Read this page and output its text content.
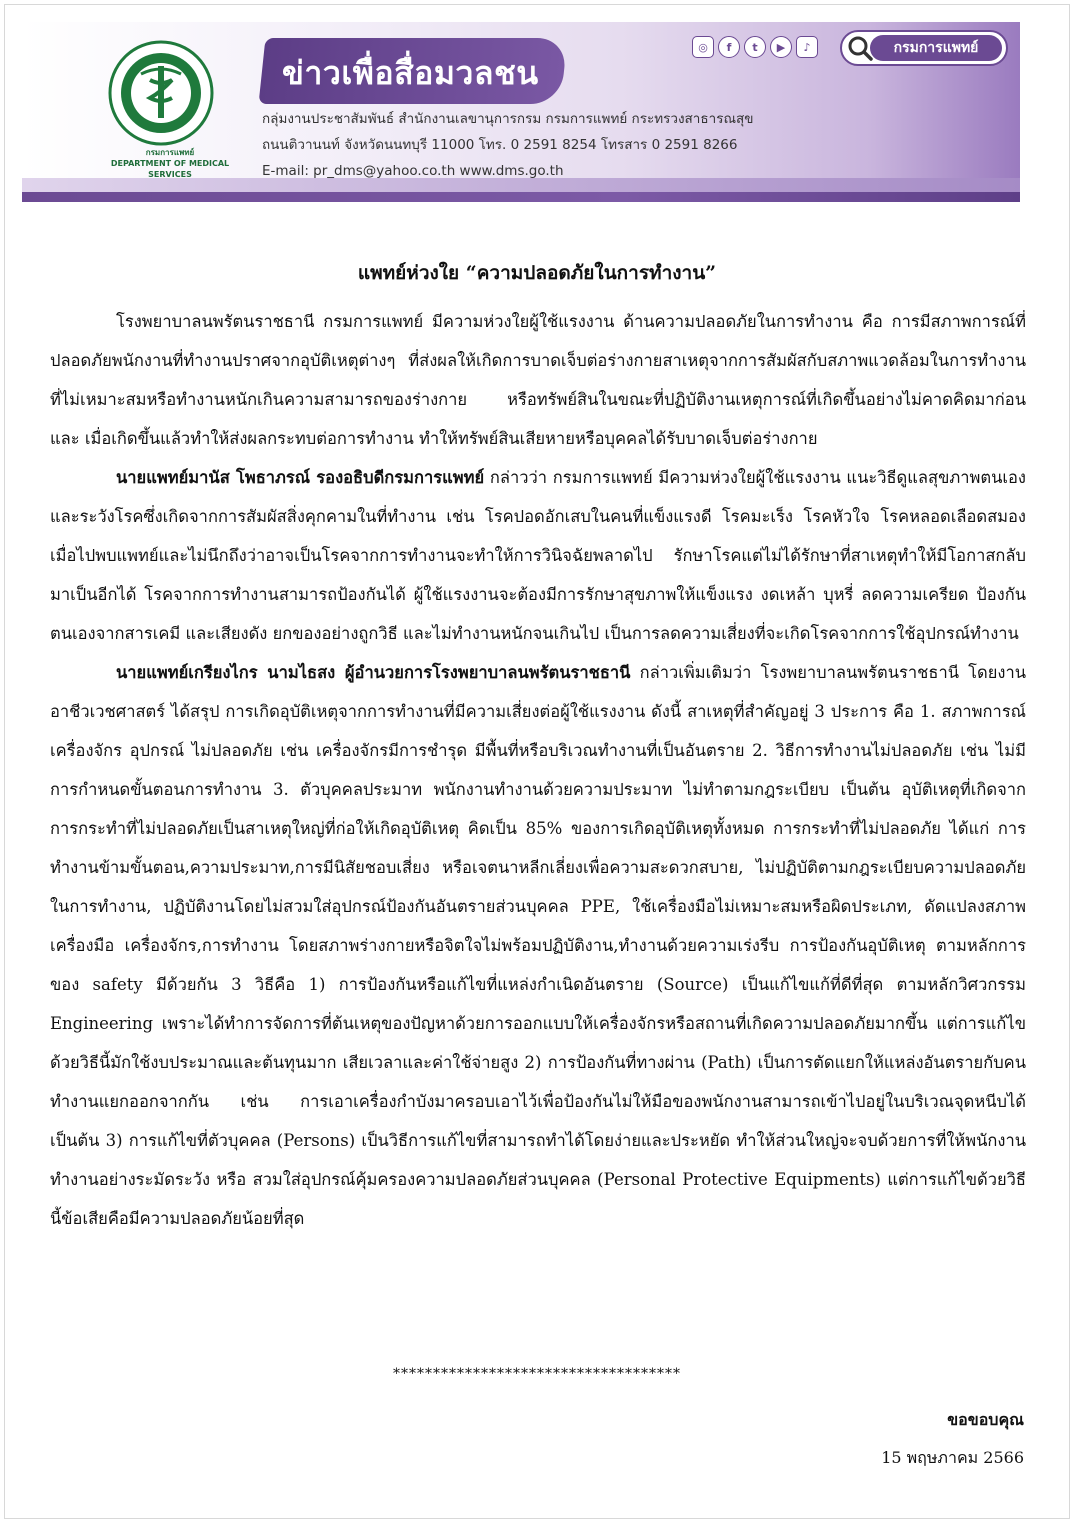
กรมการแพทย์
DEPARTMENT OF MEDICAL SERVICES
ข่าวเพื่อสื่อมวลชน
กลุ่มงานประชาสัมพันธ์ สำนักงานเลขานุการกรม กรมการแพทย์ กระทรวงสาธารณสุข
ถนนติวานนท์ จังหวัดนนทบุรี 11000 โทร. 0 2591 8254 โทรสาร 0 2591 8266
E-mail: pr_dms@yahoo.co.th www.dms.go.th
◎	f	t	▶	♪	กรมการแพทย์
แพทย์ห่วงใย “ความปลอดภัยในการทำงาน”

โรงพยาบาลนพรัตนราชธานี กรมการแพทย์ มีความห่วงใยผู้ใช้แรงงาน ด้านความปลอดภัยในการทำงาน คือ การมีสภาพการณ์ที่ปลอดภัยพนักงานที่ทำงานปราศจากอุบัติเหตุต่างๆ ที่ส่งผลให้เกิดการบาดเจ็บต่อร่างกายสาเหตุจากการสัมผัสกับสภาพแวดล้อมในการทำงานที่ไม่เหมาะสมหรือทำงานหนักเกินความสามารถของร่างกาย หรือทรัพย์สินในขณะที่ปฏิบัติงานเหตุการณ์ที่เกิดขึ้นอย่างไม่คาดคิดมาก่อน และ เมื่อเกิดขึ้นแล้วทำให้ส่งผลกระทบต่อการทำงาน ทำให้ทรัพย์สินเสียหายหรือบุคคลได้รับบาดเจ็บต่อร่างกาย

นายแพทย์มานัส โพธาภรณ์ รองอธิบดีกรมการแพทย์ กล่าวว่า กรมการแพทย์ มีความห่วงใยผู้ใช้แรงงาน แนะวิธีดูแลสุขภาพตนเองและระวังโรคซึ่งเกิดจากการสัมผัสสิ่งคุกคามในที่ทำงาน เช่น โรคปอดอักเสบในคนที่แข็งแรงดี โรคมะเร็ง โรคหัวใจ โรคหลอดเลือดสมอง เมื่อไปพบแพทย์และไม่นึกถึงว่าอาจเป็นโรคจากการทำงานจะทำให้การวินิจฉัยพลาดไป รักษาโรคแต่ไม่ได้รักษาที่สาเหตุทำให้มีโอกาสกลับมาเป็นอีกได้ โรคจากการทำงานสามารถป้องกันได้ ผู้ใช้แรงงานจะต้องมีการรักษาสุขภาพให้แข็งแรง งดเหล้า บุหรี่ ลดความเครียด ป้องกันตนเองจากสารเคมี และเสียงดัง ยกของอย่างถูกวิธี และไม่ทำงานหนักจนเกินไป เป็นการลดความเสี่ยงที่จะเกิดโรคจากการใช้อุปกรณ์ทำงาน

นายแพทย์เกรียงไกร นามไธสง ผู้อำนวยการโรงพยาบาลนพรัตนราชธานี กล่าวเพิ่มเติมว่า โรงพยาบาลนพรัตนราชธานี โดยงานอาชีวเวชศาสตร์ ได้สรุป การเกิดอุบัติเหตุจากการทำงานที่มีความเสี่ยงต่อผู้ใช้แรงงาน ดังนี้ สาเหตุที่สำคัญอยู่ 3 ประการ คือ 1. สภาพการณ์ เครื่องจักร อุปกรณ์ ไม่ปลอดภัย เช่น เครื่องจักรมีการชำรุด มีพื้นที่หรือบริเวณทำงานที่เป็นอันตราย 2. วิธีการทำงานไม่ปลอดภัย เช่น ไม่มีการกำหนดขั้นตอนการทำงาน 3. ตัวบุคคลประมาท พนักงานทำงานด้วยความประมาท ไม่ทำตามกฎระเบียบ เป็นต้น อุบัติเหตุที่เกิดจากการกระทำที่ไม่ปลอดภัยเป็นสาเหตุใหญ่ที่ก่อให้เกิดอุบัติเหตุ คิดเป็น 85% ของการเกิดอุบัติเหตุทั้งหมด การกระทำที่ไม่ปลอดภัย ได้แก่ การทำงานข้ามขั้นตอน,ความประมาท,การมีนิสัยชอบเสี่ยง หรือเจตนาหลีกเลี่ยงเพื่อความสะดวกสบาย, ไม่ปฏิบัติตามกฎระเบียบความปลอดภัยในการทำงาน, ปฏิบัติงานโดยไม่สวมใส่อุปกรณ์ป้องกันอันตรายส่วนบุคคล PPE, ใช้เครื่องมือไม่เหมาะสมหรือผิดประเภท, ดัดแปลงสภาพเครื่องมือ เครื่องจักร,การทำงาน โดยสภาพร่างกายหรือจิตใจไม่พร้อมปฏิบัติงาน,ทำงานด้วยความเร่งรีบ การป้องกันอุบัติเหตุ ตามหลักการของ safety มีด้วยกัน 3 วิธีคือ 1) การป้องกันหรือแก้ไขที่แหล่งกำเนิดอันตราย (Source) เป็นแก้ไขแก้ที่ดีที่สุด ตามหลักวิศวกรรม Engineering เพราะได้ทำการจัดการที่ต้นเหตุของปัญหาด้วยการออกแบบให้เครื่องจักรหรือสถานที่เกิดความปลอดภัยมากขึ้น แต่การแก้ไขด้วยวิธีนี้มักใช้งบประมาณและต้นทุนมาก เสียเวลาและค่าใช้จ่ายสูง 2) การป้องกันที่ทางผ่าน (Path) เป็นการตัดแยกให้แหล่งอันตรายกับคนทำงานแยกออกจากกัน เช่น การเอาเครื่องกำบังมาครอบเอาไว้เพื่อป้องกันไม่ให้มือของพนักงานสามารถเข้าไปอยู่ในบริเวณจุดหนีบได้ เป็นต้น 3) การแก้ไขที่ตัวบุคคล (Persons) เป็นวิธีการแก้ไขที่สามารถทำได้โดยง่ายและประหยัด ทำให้ส่วนใหญ่จะจบด้วยการที่ให้พนักงานทำงานอย่างระมัดระวัง หรือ สวมใส่อุปกรณ์คุ้มครองความปลอดภัยส่วนบุคคล (Personal Protective Equipments) แต่การแก้ไขด้วยวิธีนี้ข้อเสียคือมีความปลอดภัยน้อยที่สุด

************************************
ขอขอบคุณ
15 พฤษภาคม 2566
